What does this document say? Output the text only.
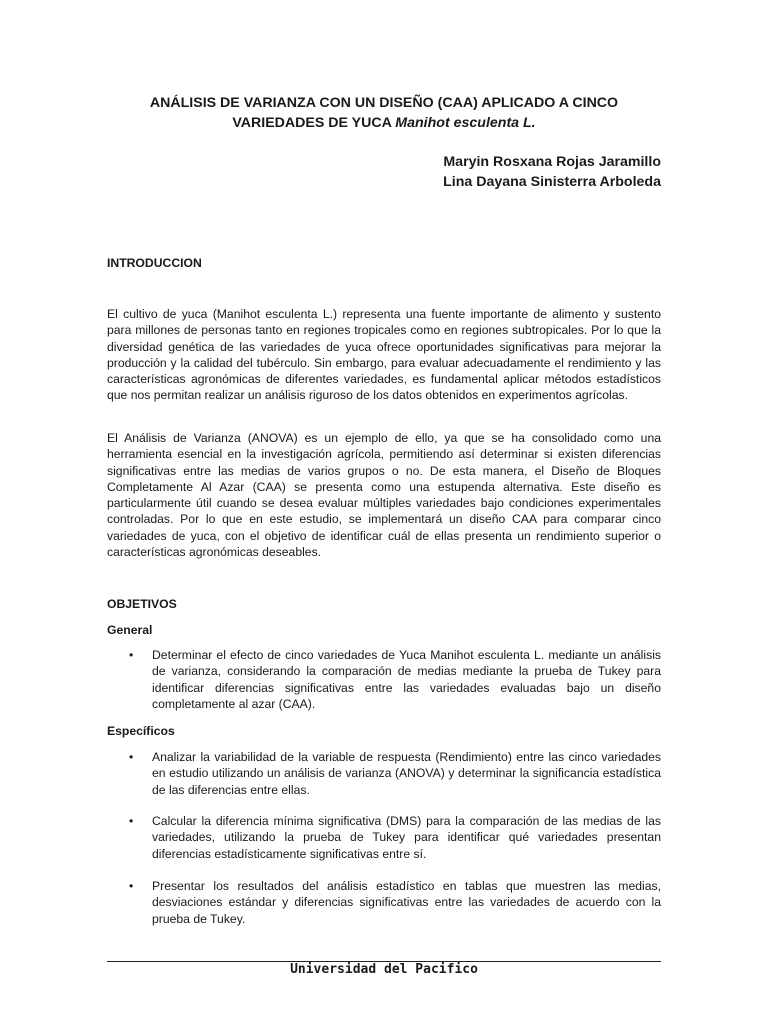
ANÁLISIS DE VARIANZA CON UN DISEÑO (CAA) APLICADO A CINCO VARIEDADES DE YUCA Manihot esculenta L.
Maryin Rosxana Rojas Jaramillo
Lina Dayana Sinisterra Arboleda
INTRODUCCION

El cultivo de yuca (Manihot esculenta L.) representa una fuente importante de alimento y sustento para millones de personas tanto en regiones tropicales como en regiones subtropicales. Por lo que la diversidad genética de las variedades de yuca ofrece oportunidades significativas para mejorar la producción y la calidad del tubérculo. Sin embargo, para evaluar adecuadamente el rendimiento y las características agronómicas de diferentes variedades, es fundamental aplicar métodos estadísticos que nos permitan realizar un análisis riguroso de los datos obtenidos en experimentos agrícolas.

El Análisis de Varianza (ANOVA) es un ejemplo de ello, ya que se ha consolidado como una herramienta esencial en la investigación agrícola, permitiendo así determinar si existen diferencias significativas entre las medias de varios grupos o no. De esta manera, el Diseño de Bloques Completamente Al Azar (CAA) se presenta como una estupenda alternativa. Este diseño es particularmente útil cuando se desea evaluar múltiples variedades bajo condiciones experimentales controladas. Por lo que en este estudio, se implementará un diseño CAA para comparar cinco variedades de yuca, con el objetivo de identificar cuál de ellas presenta un rendimiento superior o características agronómicas deseables.

OBJETIVOS
General
• Determinar el efecto de cinco variedades de Yuca Manihot esculenta L. mediante un análisis de varianza, considerando la comparación de medias mediante la prueba de Tukey para identificar diferencias significativas entre las variedades evaluadas bajo un diseño completamente al azar (CAA).
Específicos
• Analizar la variabilidad de la variable de respuesta (Rendimiento) entre las cinco variedades en estudio utilizando un análisis de varianza (ANOVA) y determinar la significancia estadística de las diferencias entre ellas.
• Calcular la diferencia mínima significativa (DMS) para la comparación de las medias de las variedades, utilizando la prueba de Tukey para identificar qué variedades presentan diferencias estadísticamente significativas entre sí.
• Presentar los resultados del análisis estadístico en tablas que muestren las medias, desviaciones estándar y diferencias significativas entre las variedades de acuerdo con la prueba de Tukey.
Universidad del Pacifico
